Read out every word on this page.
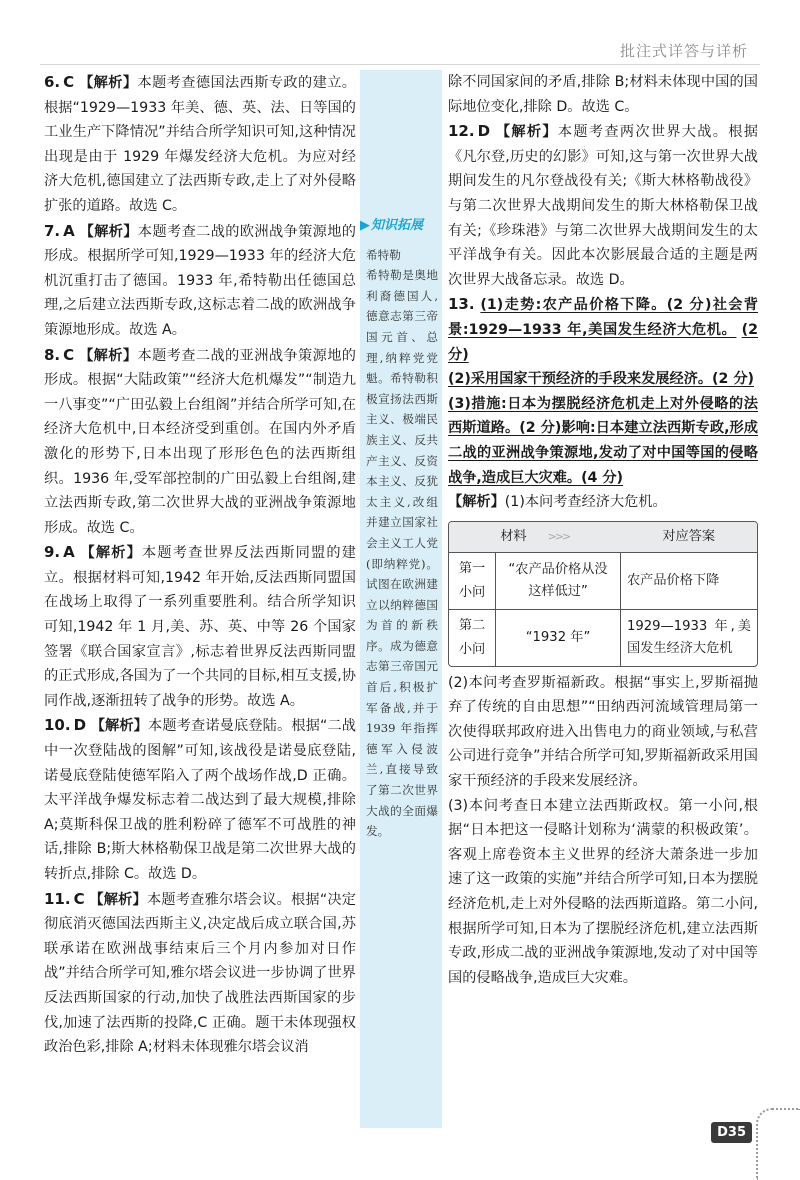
批注式详答与详析
6. C 【解析】本题考查德国法西斯专政的建立。根据“1929—1933 年美、德、英、法、日等国的工业生产下降情况”并结合所学知识可知,这种情况出现是由于 1929 年爆发经济大危机。为应对经济大危机,德国建立了法西斯专政,走上了对外侵略扩张的道路。故选 C。
7. A 【解析】本题考查二战的欧洲战争策源地的形成。根据所学可知,1929—1933 年的经济大危机沉重打击了德国。1933 年,希特勒出任德国总理,之后建立法西斯专政,这标志着二战的欧洲战争策源地形成。故选 A。
8. C 【解析】本题考查二战的亚洲战争策源地的形成。根据“大陆政策”“经济大危机爆发”“制造九一八事变”“广田弘毅上台组阁”并结合所学可知,在经济大危机中,日本经济受到重创。在国内外矛盾激化的形势下,日本出现了形形色色的法西斯组织。1936 年,受军部控制的广田弘毅上台组阁,建立法西斯专政,第二次世界大战的亚洲战争策源地形成。故选 C。
9. A 【解析】本题考查世界反法西斯同盟的建立。根据材料可知,1942 年开始,反法西斯同盟国在战场上取得了一系列重要胜利。结合所学知识可知,1942 年 1 月,美、苏、英、中等 26 个国家签署《联合国家宣言》,标志着世界反法西斯同盟的正式形成,各国为了一个共同的目标,相互支援,协同作战,逐渐扭转了战争的形势。故选 A。
10. D 【解析】本题考查诺曼底登陆。根据“二战中一次登陆战的图解”可知,该战役是诺曼底登陆,诺曼底登陆使德军陷入了两个战场作战,D 正确。太平洋战争爆发标志着二战达到了最大规模,排除 A;莫斯科保卫战的胜利粉碎了德军不可战胜的神话,排除 B;斯大林格勒保卫战是第二次世界大战的转折点,排除 C。故选 D。
11. C 【解析】本题考查雅尔塔会议。根据“决定彻底消灭德国法西斯主义,决定战后成立联合国,苏联承诺在欧洲战事结束后三个月内参加对日作战”并结合所学可知,雅尔塔会议进一步协调了世界反法西斯国家的行动,加快了战胜法西斯国家的步伐,加速了法西斯的投降,C 正确。题干未体现强权政治色彩,排除 A;材料未体现雅尔塔会议消
▶知识拓展
希特勒
希特勒是奥地利裔德国人,德意志第三帝国元首、总理,纳粹党党魁。希特勒积极宣扬法西斯主义、极端民族主义、反共产主义、反资本主义、反犹太主义,改组并建立国家社会主义工人党(即纳粹党)。试图在欧洲建立以纳粹德国为首的新秩序。成为德意志第三帝国元首后,积极扩军备战,并于1939 年指挥德军入侵波兰,直接导致了第二次世界大战的全面爆发。
除不同国家间的矛盾,排除 B;材料未体现中国的国际地位变化,排除 D。故选 C。
12. D 【解析】本题考查两次世界大战。根据《凡尔登,历史的幻影》可知,这与第一次世界大战期间发生的凡尔登战役有关;《斯大林格勒战役》与第二次世界大战期间发生的斯大林格勒保卫战有关;《珍珠港》与第二次世界大战期间发生的太平洋战争有关。因此本次影展最合适的主题是两次世界大战备忘录。故选 D。
13. (1)走势:农产品价格下降。(2 分)社会背景:1929—1933 年,美国发生经济大危机。 (2 分)
(2)采用国家干预经济的手段来发展经济。(2 分)
(3)措施:日本为摆脱经济危机走上对外侵略的法西斯道路。(2 分)影响:日本建立法西斯专政,形成二战的亚洲战争策源地,发动了对中国等国的侵略战争,造成巨大灾难。(4 分)
【解析】(1)本问考查经济大危机。
材料 >>>		对应答案
第一小问	“农产品价格从没这样低过”	农产品价格下降
第二小问	“1932 年”	1929—1933 年,美国发生经济大危机
(2)本问考查罗斯福新政。根据“事实上,罗斯福抛弃了传统的自由思想”“田纳西河流域管理局第一次使得联邦政府进入出售电力的商业领域,与私营公司进行竞争”并结合所学可知,罗斯福新政采用国家干预经济的手段来发展经济。
(3)本问考查日本建立法西斯政权。第一小问,根据“日本把这一侵略计划称为‘满蒙的积极政策’。客观上席卷资本主义世界的经济大萧条进一步加速了这一政策的实施”并结合所学可知,日本为摆脱经济危机,走上对外侵略的法西斯道路。第二小问,根据所学可知,日本为了摆脱经济危机,建立法西斯专政,形成二战的亚洲战争策源地,发动了对中国等国的侵略战争,造成巨大灾难。
D35
